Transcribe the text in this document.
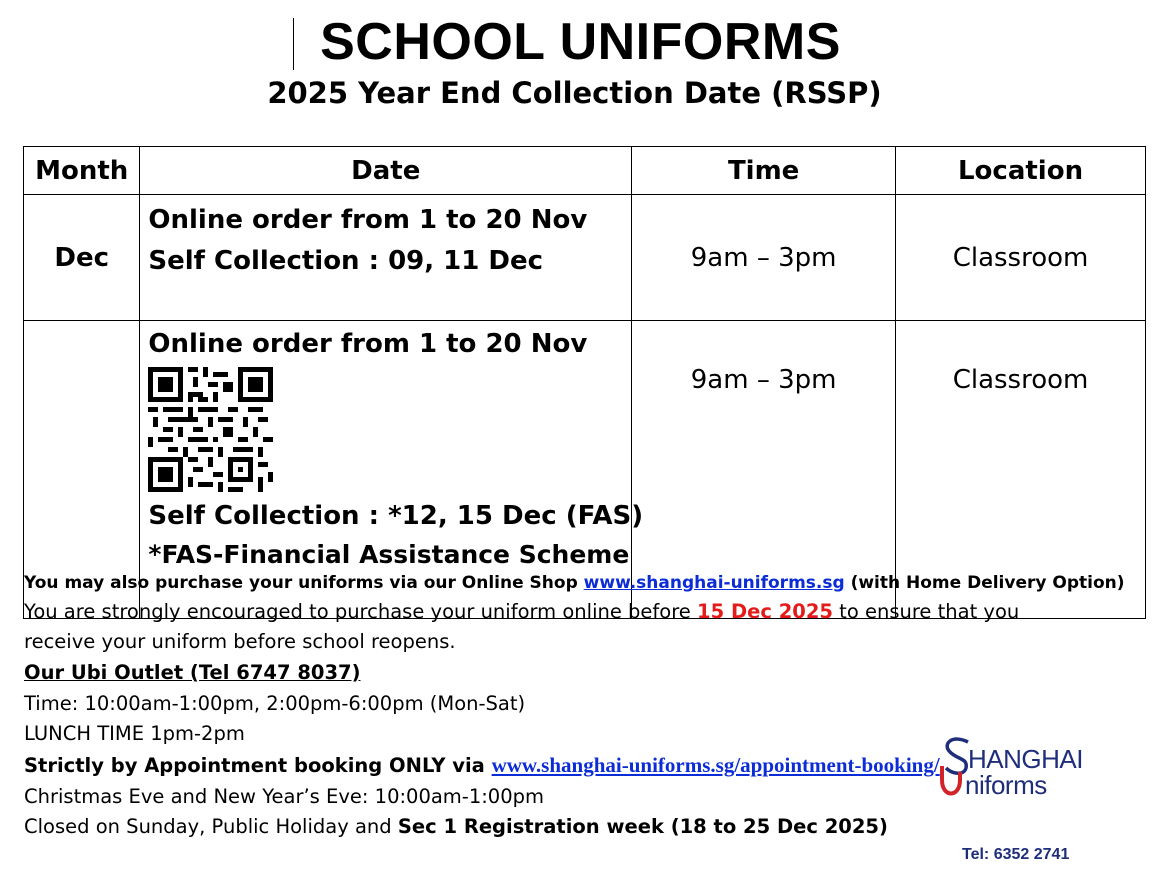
SCHOOL UNIFORMS
2025 Year End Collection Date (RSSP)
Month	Date	Time	Location
Dec	Online order from 1 to 20 Nov
Self Collection : 09, 11 Dec	9am – 3pm	Classroom

	Online order from 1 to 20 Nov
Self Collection : *12, 15 Dec (FAS)
*FAS-Financial Assistance Scheme	9am – 3pm	Classroom
You may also purchase your uniforms via our Online Shop www.shanghai-uniforms.sg (with Home Delivery Option)
You are strongly encouraged to purchase your uniform online before 15 Dec 2025 to ensure that you
receive your uniform before school reopens.
Our Ubi Outlet (Tel 6747 8037)
Time: 10:00am-1:00pm, 2:00pm-6:00pm (Mon-Sat)
LUNCH TIME 1pm-2pm
Strictly by Appointment booking ONLY via www.shanghai-uniforms.sg/appointment-booking/
Christmas Eve and New Year’s Eve: 10:00am-1:00pm
Closed on Sunday, Public Holiday and Sec 1 Registration week (18 to 25 Dec 2025)
HANGHAI
niforms
Tel: 6352 2741
